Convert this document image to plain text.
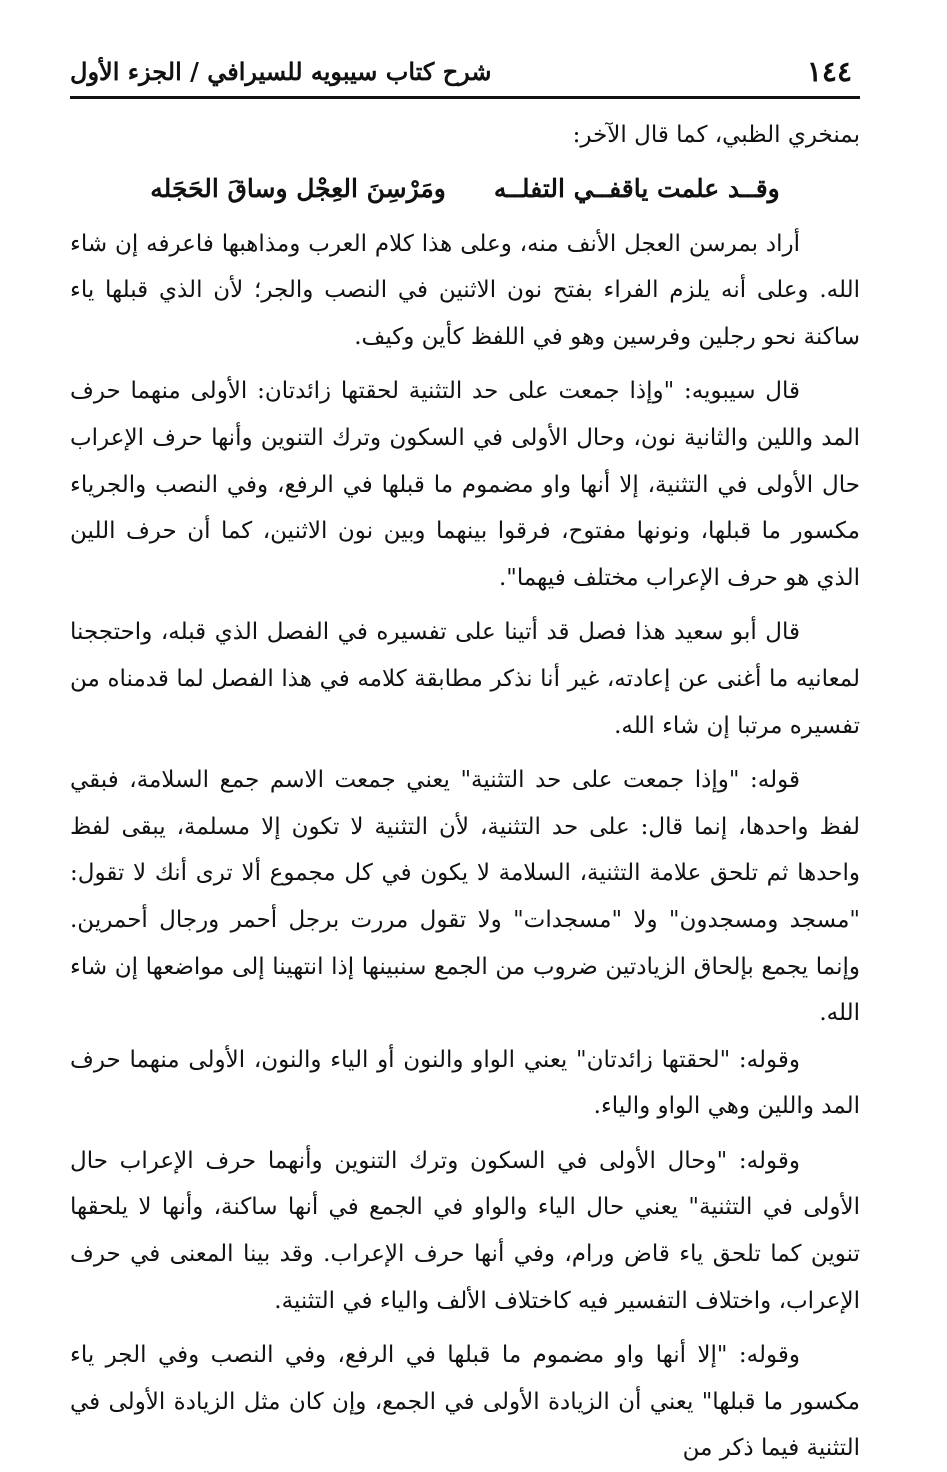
١٤٤
شرح كتاب سيبويه للسيرافي / الجزء الأول

بمنخري الظبي، كما قال الآخر:

وقــد علمت ياقفــي التفلــه
ومَرْسِنَ العِجْل وساقَ الحَجَله

أراد بمرسن العجل الأنف منه، وعلى هذا كلام العرب ومذاهبها فاعرفه إن شاء الله. وعلى أنه يلزم الفراء بفتح نون الاثنين في النصب والجر؛ لأن الذي قبلها ياء ساكنة نحو رجلين وفرسين وهو في اللفظ كأين وكيف.

قال سيبويه: "وإذا جمعت على حد التثنية لحقتها زائدتان: الأولى منهما حرف المد واللين والثانية نون، وحال الأولى في السكون وترك التنوين وأنها حرف الإعراب حال الأولى في التثنية، إلا أنها واو مضموم ما قبلها في الرفع، وفي النصب والجرياء مكسور ما قبلها، ونونها مفتوح، فرقوا بينهما وبين نون الاثنين، كما أن حرف اللين الذي هو حرف الإعراب مختلف فيهما".

قال أبو سعيد هذا فصل قد أتينا على تفسيره في الفصل الذي قبله، واحتججنا لمعانيه ما أغنى عن إعادته، غير أنا نذكر مطابقة كلامه في هذا الفصل لما قدمناه من تفسيره مرتبا إن شاء الله.

قوله: "وإذا جمعت على حد التثنية" يعني جمعت الاسم جمع السلامة، فبقي لفظ واحدها، إنما قال: على حد التثنية، لأن التثنية لا تكون إلا مسلمة، يبقى لفظ واحدها ثم تلحق علامة التثنية، السلامة لا يكون في كل مجموع ألا ترى أنك لا تقول: "مسجد ومسجدون" ولا "مسجدات" ولا تقول مررت برجل أحمر ورجال أحمرين. وإنما يجمع بإلحاق الزيادتين ضروب من الجمع سنبينها إذا انتهينا إلى مواضعها إن شاء الله.

وقوله: "لحقتها زائدتان" يعني الواو والنون أو الياء والنون، الأولى منهما حرف المد واللين وهي الواو والياء.

وقوله: "وحال الأولى في السكون وترك التنوين وأنهما حرف الإعراب حال الأولى في التثنية" يعني حال الياء والواو في الجمع في أنها ساكنة، وأنها لا يلحقها تنوين كما تلحق ياء قاض ورام، وفي أنها حرف الإعراب. وقد بينا المعنى في حرف الإعراب، واختلاف التفسير فيه كاختلاف الألف والياء في التثنية.

وقوله: "إلا أنها واو مضموم ما قبلها في الرفع، وفي النصب وفي الجر ياء مكسور ما قبلها" يعني أن الزيادة الأولى في الجمع، وإن كان مثل الزيادة الأولى في التثنية فيما ذكر من
